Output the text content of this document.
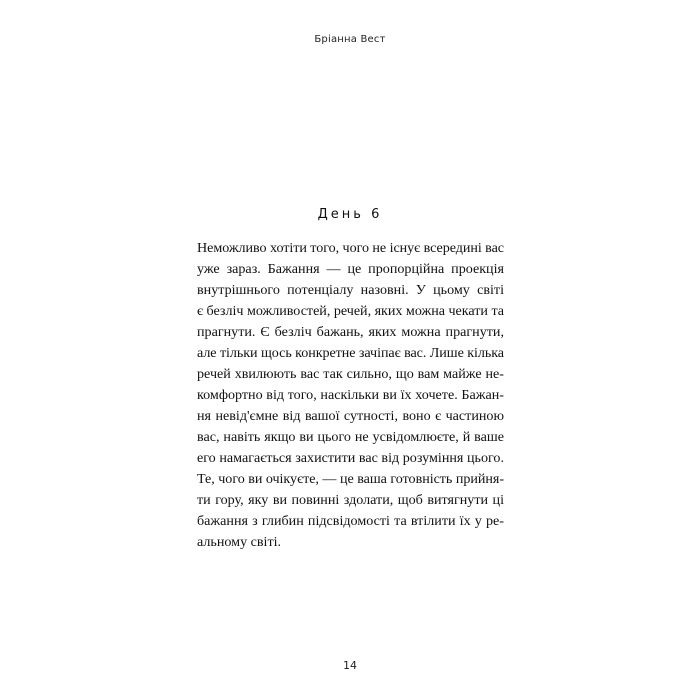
Бріанна Вест
День 6
Неможливо хотіти того, чого не існує всередині вас
уже зараз. Бажання — це пропорційна проекція
внутрішнього потенціалу назовні. У цьому світі
є безліч можливостей, речей, яких можна чекати та
прагнути. Є безліч бажань, яких можна прагнути,
але тільки щось конкретне зачіпає вас. Лише кілька
речей хвилюють вас так сильно, що вам майже не-
комфортно від того, наскільки ви їх хочете. Бажан-
ня невід'ємне від вашої сутності, воно є частиною
вас, навіть якщо ви цього не усвідомлюєте, й ваше
его намагається захистити вас від розуміння цього.
Те, чого ви очікуєте, — це ваша готовність прийня-
ти гору, яку ви повинні здолати, щоб витягнути ці
бажання з глибин підсвідомості та втілити їх у ре-
альному світі.
14
